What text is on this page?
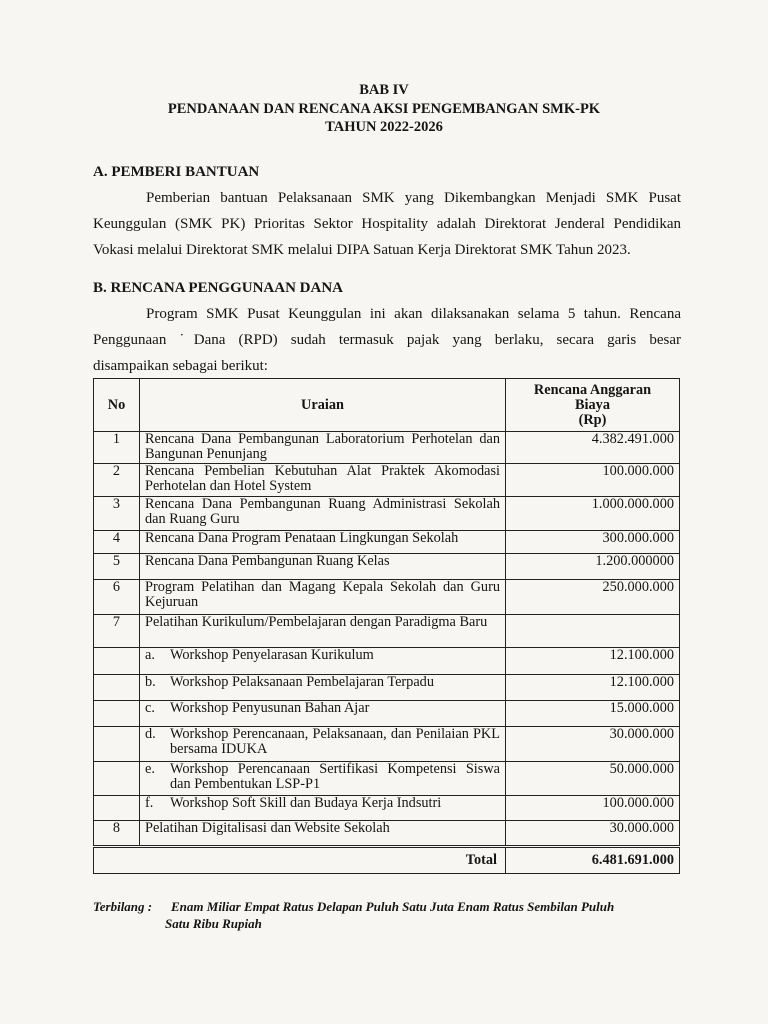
BAB IV
PENDANAAN DAN RENCANA AKSI PENGEMBANGAN SMK-PK
TAHUN 2022-2026
A. PEMBERI BANTUAN

Pemberian bantuan Pelaksanaan SMK yang Dikembangkan Menjadi SMK Pusat

Keunggulan (SMK PK) Prioritas Sektor Hospitality adalah Direktorat Jenderal Pendidikan
Vokasi melalui Direktorat SMK melalui DIPA Satuan Kerja Direktorat SMK Tahun 2023.
B. RENCANA PENGGUNAAN DANA

Program SMK Pusat Keunggulan ini akan dilaksanakan selama 5 tahun. Rencana

Penggunaan ˙Dana (RPD) sudah termasuk pajak yang berlaku, secara garis besar
disampaikan sebagai berikut:
No	Uraian	Rencana Anggaran
Biaya
(Rp)

1	Rencana Dana Pembangunan Laboratorium Perhotelan dan Bangunan Penunjang	4.382.491.000
2	Rencana Pembelian Kebutuhan Alat Praktek Akomodasi Perhotelan dan Hotel System	100.000.000
3	Rencana Dana Pembangunan Ruang Administrasi Sekolah dan Ruang Guru	1.000.000.000
4	Rencana Dana Program Penataan Lingkungan Sekolah	300.000.000
5	Rencana Dana Pembangunan Ruang Kelas	1.200.000000
6	Program Pelatihan dan Magang Kepala Sekolah dan Guru Kejuruan	250.000.000
7	Pelatihan Kurikulum/Pembelajaran dengan Paradigma Baru	

	a. Workshop Penyelarasan Kurikulum	12.100.000

	b. Workshop Pelaksanaan Pembelajaran Terpadu	12.100.000

	c. Workshop Penyusunan Bahan Ajar	15.000.000

	d. Workshop Perencanaan, Pelaksanaan, dan Penilaian PKL bersama IDUKA	30.000.000

	e. Workshop Perencanaan Sertifikasi Kompetensi Siswa dan Pembentukan LSP-P1	50.000.000

	f. Workshop Soft Skill dan Budaya Kerja Indsutri	100.000.000
8	Pelatihan Digitalisasi dan Website Sekolah	30.000.000
Total		6.481.691.000
Terbilang : Enam Miliar Empat Ratus Delapan Puluh Satu Juta Enam Ratus Sembilan Puluh
Satu Ribu Rupiah
